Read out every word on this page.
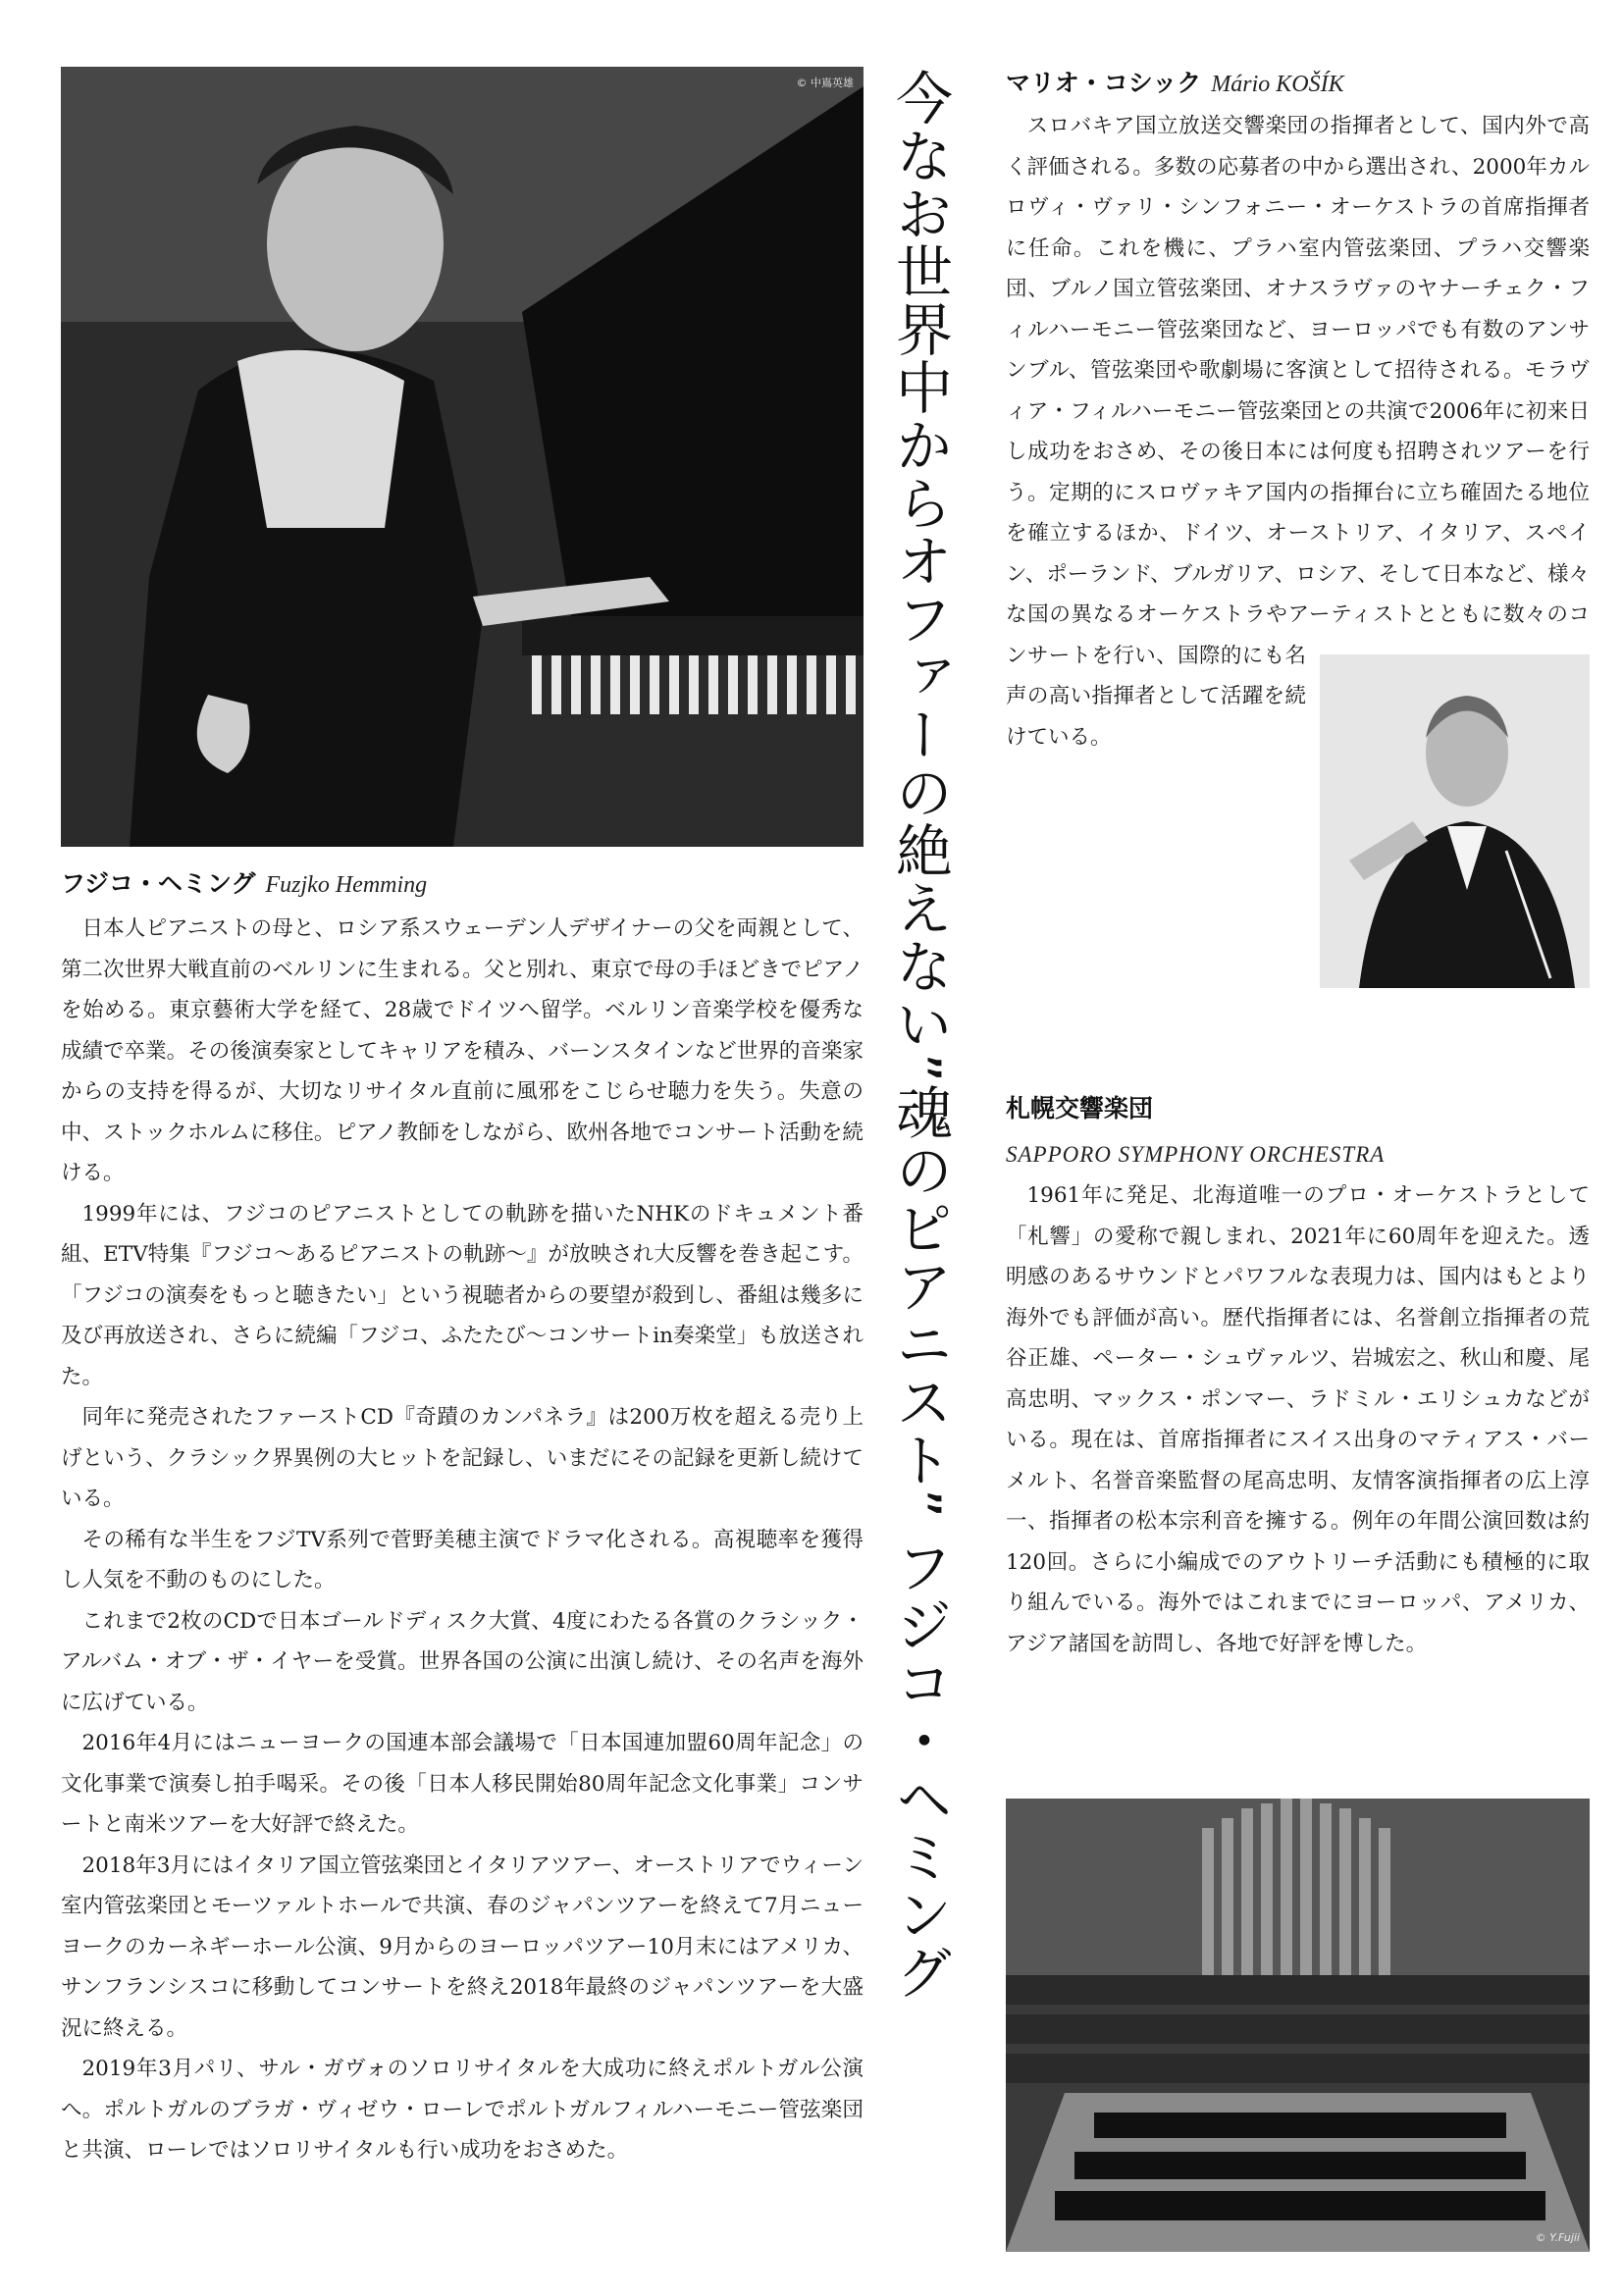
© 中嶌英雄
フジコ・ヘミング Fuzjko Hemming

日本人ピアニストの母と、ロシア系スウェーデン人デザイナーの父を両親として、第二次世界大戦直前のベルリンに生まれる。父と別れ、東京で母の手ほどきでピアノを始める。東京藝術大学を経て、28歳でドイツへ留学。ベルリン音楽学校を優秀な成績で卒業。その後演奏家としてキャリアを積み、バーンスタインなど世界的音楽家からの支持を得るが、大切なリサイタル直前に風邪をこじらせ聴力を失う。失意の中、ストックホルムに移住。ピアノ教師をしながら、欧州各地でコンサート活動を続ける。

1999年には、フジコのピアニストとしての軌跡を描いたNHKのドキュメント番組、ETV特集『フジコ～あるピアニストの軌跡～』が放映され大反響を巻き起こす。「フジコの演奏をもっと聴きたい」という視聴者からの要望が殺到し、番組は幾多に及び再放送され、さらに続編「フジコ、ふたたび～コンサートin奏楽堂」も放送された。

同年に発売されたファーストCD『奇蹟のカンパネラ』は200万枚を超える売り上げという、クラシック界異例の大ヒットを記録し、いまだにその記録を更新し続けている。

その稀有な半生をフジTV系列で菅野美穂主演でドラマ化される。高視聴率を獲得し人気を不動のものにした。

これまで2枚のCDで日本ゴールドディスク大賞、4度にわたる各賞のクラシック・アルバム・オブ・ザ・イヤーを受賞。世界各国の公演に出演し続け、その名声を海外に広げている。

2016年4月にはニューヨークの国連本部会議場で「日本国連加盟60周年記念」の文化事業で演奏し拍手喝采。その後「日本人移民開始80周年記念文化事業」コンサートと南米ツアーを大好評で終えた。

2018年3月にはイタリア国立管弦楽団とイタリアツアー、オーストリアでウィーン室内管弦楽団とモーツァルトホールで共演、春のジャパンツアーを終えて7月ニューヨークのカーネギーホール公演、9月からのヨーロッパツアー10月末にはアメリカ、サンフランシスコに移動してコンサートを終え2018年最終のジャパンツアーを大盛況に終える。

2019年3月パリ、サル・ガヴォのソロリサイタルを大成功に終えポルトガル公演へ。ポルトガルのブラガ・ヴィゼウ・ローレでポルトガルフィルハーモニー管弦楽団と共演、ローレではソロリサイタルも行い成功をおさめた。

今なお世界中からオファーの絶えない”魂のピアニスト” フジコ・ヘミング マリオ・コシック Mário KOŠÍK

スロバキア国立放送交響楽団の指揮者として、国内外で高く評価される。多数の応募者の中から選出され、2000年カルロヴィ・ヴァリ・シンフォニー・オーケストラの首席指揮者に任命。これを機に、プラハ室内管弦楽団、プラハ交響楽団、ブルノ国立管弦楽団、オナスラヴァのヤナーチェク・フィルハーモニー管弦楽団など、ヨーロッパでも有数のアンサンブル、管弦楽団や歌劇場に客演として招待される。モラヴィア・フィルハーモニー管弦楽団との共演で2006年に初来日し成功をおさめ、その後日本には何度も招聘されツアーを行う。定期的にスロヴァキア国内の指揮台に立ち確固たる地位を確立するほか、ドイツ、オーストリア、イタリア、スペイン、ポーランド、ブルガリア、ロシア、そして日本など、様々な国の異なるオーケストラやアーティストとともに数々のコンサートを行い、国際的にも名声の高い指揮者として活躍を続けている。

札幌交響楽団
SAPPORO SYMPHONY ORCHESTRA

1961年に発足、北海道唯一のプロ・オーケストラとして「札響」の愛称で親しまれ、2021年に60周年を迎えた。透明感のあるサウンドとパワフルな表現力は、国内はもとより海外でも評価が高い。歴代指揮者には、名誉創立指揮者の荒谷正雄、ペーター・シュヴァルツ、岩城宏之、秋山和慶、尾高忠明、マックス・ポンマー、ラドミル・エリシュカなどがいる。現在は、首席指揮者にスイス出身のマティアス・バーメルト、名誉音楽監督の尾高忠明、友情客演指揮者の広上淳一、指揮者の松本宗利音を擁する。例年の年間公演回数は約120回。さらに小編成でのアウトリーチ活動にも積極的に取り組んでいる。海外ではこれまでにヨーロッパ、アメリカ、アジア諸国を訪問し、各地で好評を博した。

© Y.Fujii
